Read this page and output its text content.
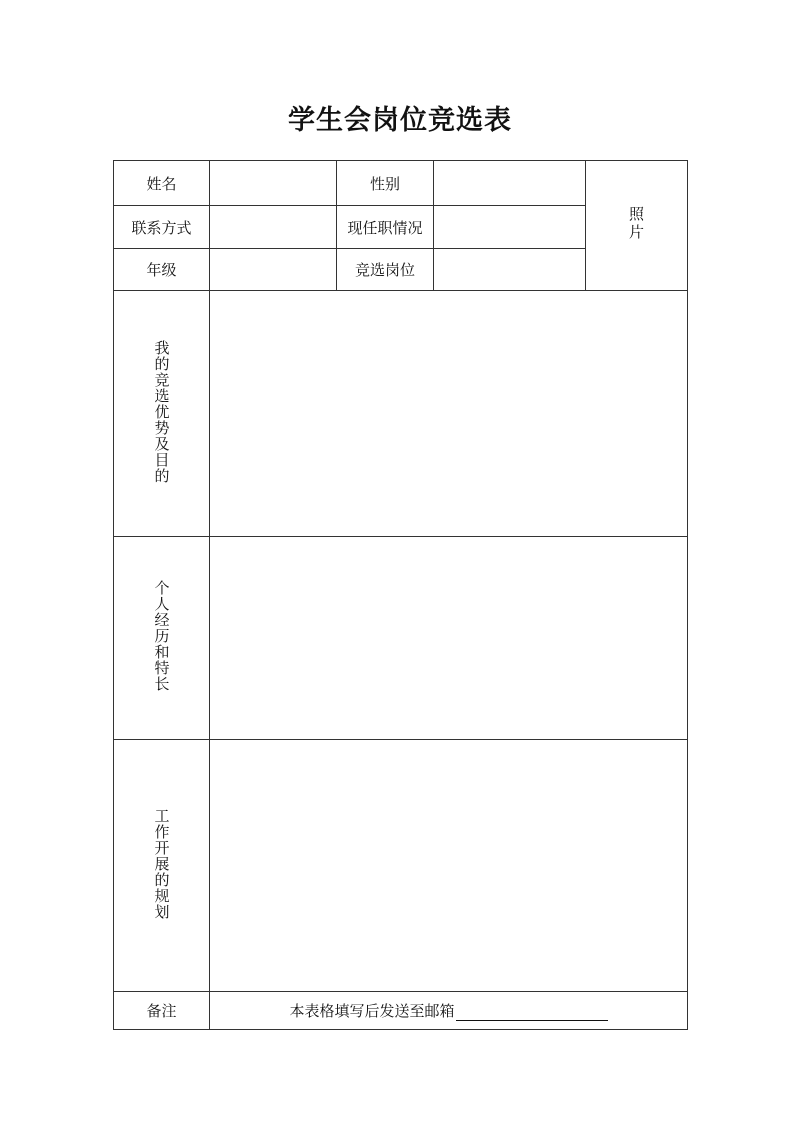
学生会岗位竞选表
姓名		性别		照片
联系方式		现任职情况		
年级		竞选岗位		
我的竞选优势及目的				
个人经历和特长				
工作开展的规划				
备注	本表格填写后发送至邮箱			
